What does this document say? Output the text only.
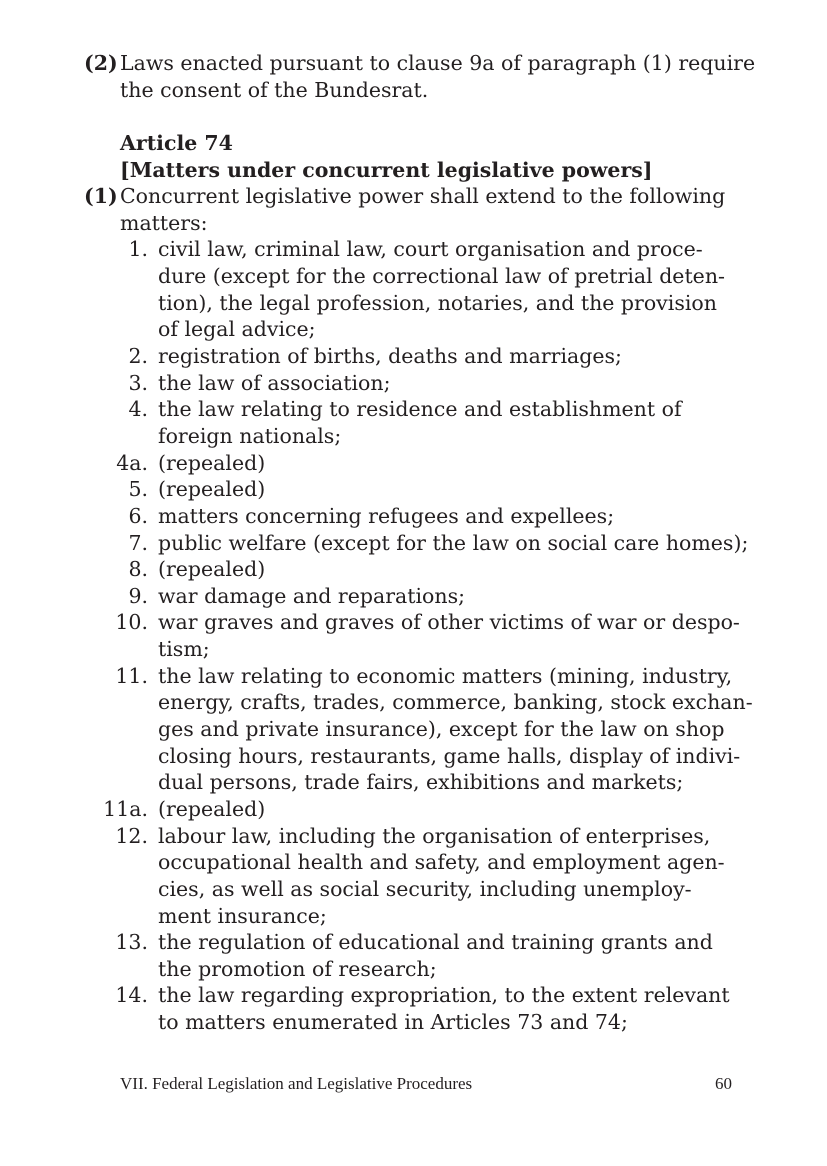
(2) Laws enacted pursuant to clause 9a of paragraph (1) require
the consent of the Bundesrat.
Article 74
[Matters under concurrent legislative powers]
(1) Concurrent legislative power shall extend to the following
matters:
1. civil law, criminal law, court organisation and proce-
dure (except for the correctional law of pretrial deten-
tion), the legal profession, notaries, and the provision
of legal advice;
2. registration of births, deaths and marriages;
3. the law of association;
4. the law relating to residence and establishment of
foreign nationals;
4a. (repealed)
5. (repealed)
6. matters concerning refugees and expellees;
7. public welfare (except for the law on social care homes);
8. (repealed)
9. war damage and reparations;
10. war graves and graves of other victims of war or despo-
tism;
11. the law relating to economic matters (mining, industry,
energy, crafts, trades, commerce, banking, stock exchan-
ges and private insurance), except for the law on shop
closing hours, restaurants, game halls, display of indivi-
dual persons, trade fairs, exhibitions and markets;
11a. (repealed)
12. labour law, including the organisation of enterprises,
occupational health and safety, and employment agen-
cies, as well as social security, including unemploy-
ment insurance;
13. the regulation of educational and training grants and
the promotion of research;
14. the law regarding expropriation, to the extent relevant
to matters enumerated in Articles 73 and 74;
VII. Federal Legislation and Legislative Procedures	60
